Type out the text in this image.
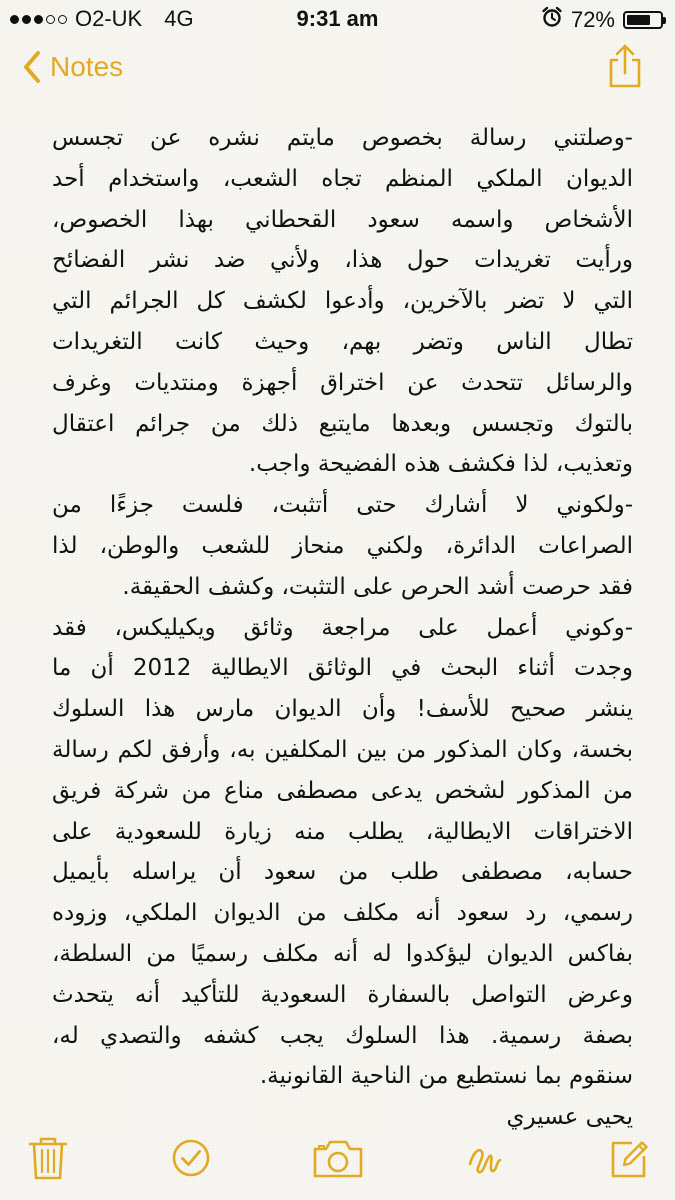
O2-UK 4G	9:31 am	72%
Notes
-وصلتني رسالة بخصوص مايتم نشره عن تجسس
الديوان الملكي المنظم تجاه الشعب، واستخدام أحد
الأشخاص واسمه سعود القحطاني بهذا الخصوص،
ورأيت تغريدات حول هذا، ولأني ضد نشر الفضائح
التي لا تضر بالآخرين، وأدعوا لكشف كل الجرائم التي
تطال الناس وتضر بهم، وحيث كانت التغريدات
والرسائل تتحدث عن اختراق أجهزة ومنتديات وغرف
بالتوك وتجسس وبعدها مايتبع ذلك من جرائم اعتقال
وتعذيب، لذا فكشف هذه الفضيحة واجب.
-ولكوني لا أشارك حتى أتثبت، فلست جزءًا من
الصراعات الدائرة، ولكني منحاز للشعب والوطن، لذا
فقد حرصت أشد الحرص على التثبت، وكشف الحقيقة.
-وكوني أعمل على مراجعة وثائق ويكيليكس، فقد
وجدت أثناء البحث في الوثائق الايطالية 2012 أن ما
ينشر صحيح للأسف! وأن الديوان مارس هذا السلوك
بخسة، وكان المذكور من بين المكلفين به، وأرفق لكم رسالة
من المذكور لشخص يدعى مصطفى مناع من شركة فريق
الاختراقات الايطالية، يطلب منه زيارة للسعودية على
حسابه، مصطفى طلب من سعود أن يراسله بأيميل
رسمي، رد سعود أنه مكلف من الديوان الملكي، وزوده
بفاكس الديوان ليؤكدوا له أنه مكلف رسميًا من السلطة،
وعرض التواصل بالسفارة السعودية للتأكيد أنه يتحدث
بصفة رسمية. هذا السلوك يجب كشفه والتصدي له،
سنقوم بما نستطيع من الناحية القانونية.
يحيى عسيري
